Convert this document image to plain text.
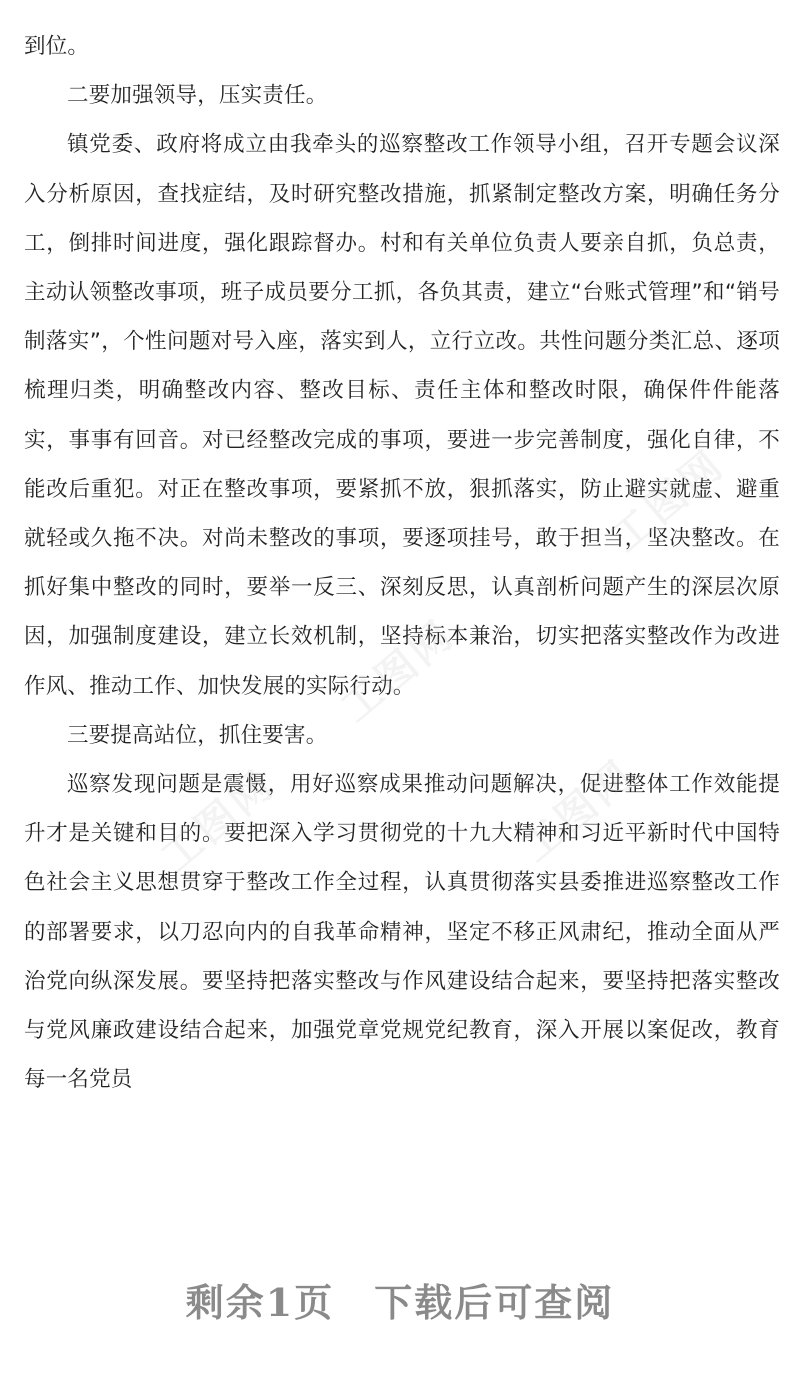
到位。

二要加强领导，压实责任。

镇党委、政府将成立由我牵头的巡察整改工作领导小组，召开专题会议深入分析原因，查找症结，及时研究整改措施，抓紧制定整改方案，明确任务分工，倒排时间进度，强化跟踪督办。村和有关单位负责人要亲自抓，负总责，主动认领整改事项，班子成员要分工抓，各负其责，建立“台账式管理”和“销号制落实”，个性问题对号入座，落实到人，立行立改。共性问题分类汇总、逐项梳理归类，明确整改内容、整改目标、责任主体和整改时限，确保件件能落实，事事有回音。对已经整改完成的事项，要进一步完善制度，强化自律，不能改后重犯。对正在整改事项，要紧抓不放，狠抓落实，防止避实就虚、避重就轻或久拖不决。对尚未整改的事项，要逐项挂号，敢于担当，坚决整改。在抓好集中整改的同时，要举一反三、深刻反思，认真剖析问题产生的深层次原因，加强制度建设，建立长效机制，坚持标本兼治，切实把落实整改作为改进作风、推动工作、加快发展的实际行动。

三要提高站位，抓住要害。

巡察发现问题是震慑，用好巡察成果推动问题解决，促进整体工作效能提升才是关键和目的。要把深入学习贯彻党的十九大精神和习近平新时代中国特色社会主义思想贯穿于整改工作全过程，认真贯彻落实县委推进巡察整改工作的部署要求，以刀忍向内的自我革命精神，坚定不移正风肃纪，推动全面从严治党向纵深发展。要坚持把落实整改与作风建设结合起来，要坚持把落实整改与党风廉政建设结合起来，加强党章党规党纪教育，深入开展以案促改，教育每一名党员

工图网
工图网
工图网	工图网
剩余1页 下载后可查阅
